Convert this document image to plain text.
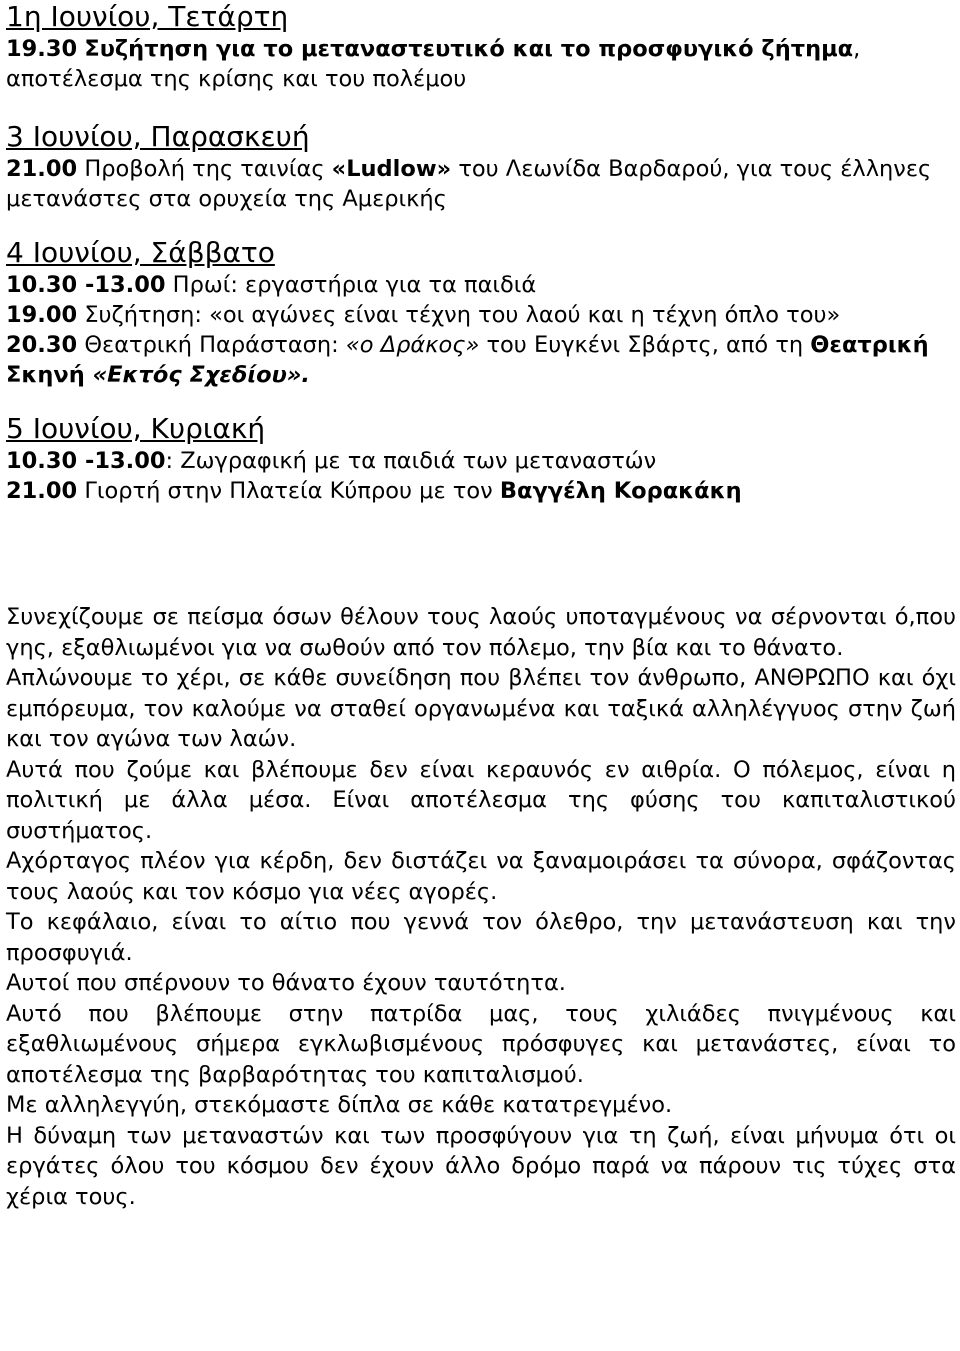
1η Ιουνίου, Τετάρτη

19.30 Συζήτηση για το μεταναστευτικό και το προσφυγικό ζήτημα, αποτέλεσμα της κρίσης και του πολέμου

3 Ιουνίου, Παρασκευή

21.00 Προβολή της ταινίας «Ludlow» του Λεωνίδα Βαρδαρού, για τους έλληνες μετανάστες στα ορυχεία της Αμερικής

4 Ιουνίου, Σάββατο

10.30 -13.00 Πρωί: εργαστήρια για τα παιδιά

19.00 Συζήτηση: «οι αγώνες είναι τέχνη του λαού και η τέχνη όπλο του»

20.30 Θεατρική Παράσταση: «ο Δράκος» του Ευγκένι Σβάρτς, από τη Θεατρική Σκηνή «Εκτός Σχεδίου».

5 Ιουνίου, Κυριακή

10.30 -13.00: Ζωγραφική με τα παιδιά των μεταναστών

21.00 Γιορτή στην Πλατεία Κύπρου με τον Βαγγέλη Κορακάκη

Συνεχίζουμε σε πείσμα όσων θέλουν τους λαούς υποταγμένους να σέρνονται ό,που γης, εξαθλιωμένοι για να σωθούν από τον πόλεμο, την βία και το θάνατο.

Απλώνουμε το χέρι, σε κάθε συνείδηση που βλέπει τον άνθρωπο, ΑΝΘΡΩΠΟ και όχι εμπόρευμα, τον καλούμε να σταθεί οργανωμένα και ταξικά αλληλέγγυος στην ζωή και τον αγώνα των λαών.

Αυτά που ζούμε και βλέπουμε δεν είναι κεραυνός εν αιθρία. Ο πόλεμος, είναι η πολιτική με άλλα μέσα. Είναι αποτέλεσμα της φύσης του καπιταλιστικού συστήματος.

Αχόρταγος πλέον για κέρδη, δεν διστάζει να ξαναμοιράσει τα σύνορα, σφάζοντας τους λαούς και τον κόσμο για νέες αγορές.

Το κεφάλαιο, είναι το αίτιο που γεννά τον όλεθρο, την μετανάστευση και την προσφυγιά.

Αυτοί που σπέρνουν το θάνατο έχουν ταυτότητα.

Αυτό που βλέπουμε στην πατρίδα μας, τους χιλιάδες πνιγμένους και εξαθλιωμένους σήμερα εγκλωβισμένους πρόσφυγες και μετανάστες, είναι το αποτέλεσμα της βαρβαρότητας του καπιταλισμού.

Με αλληλεγγύη, στεκόμαστε δίπλα σε κάθε κατατρεγμένο.

Η δύναμη των μεταναστών και των προσφύγουν για τη ζωή, είναι μήνυμα ότι οι εργάτες όλου του κόσμου δεν έχουν άλλο δρόμο παρά να πάρουν τις τύχες στα χέρια τους.
